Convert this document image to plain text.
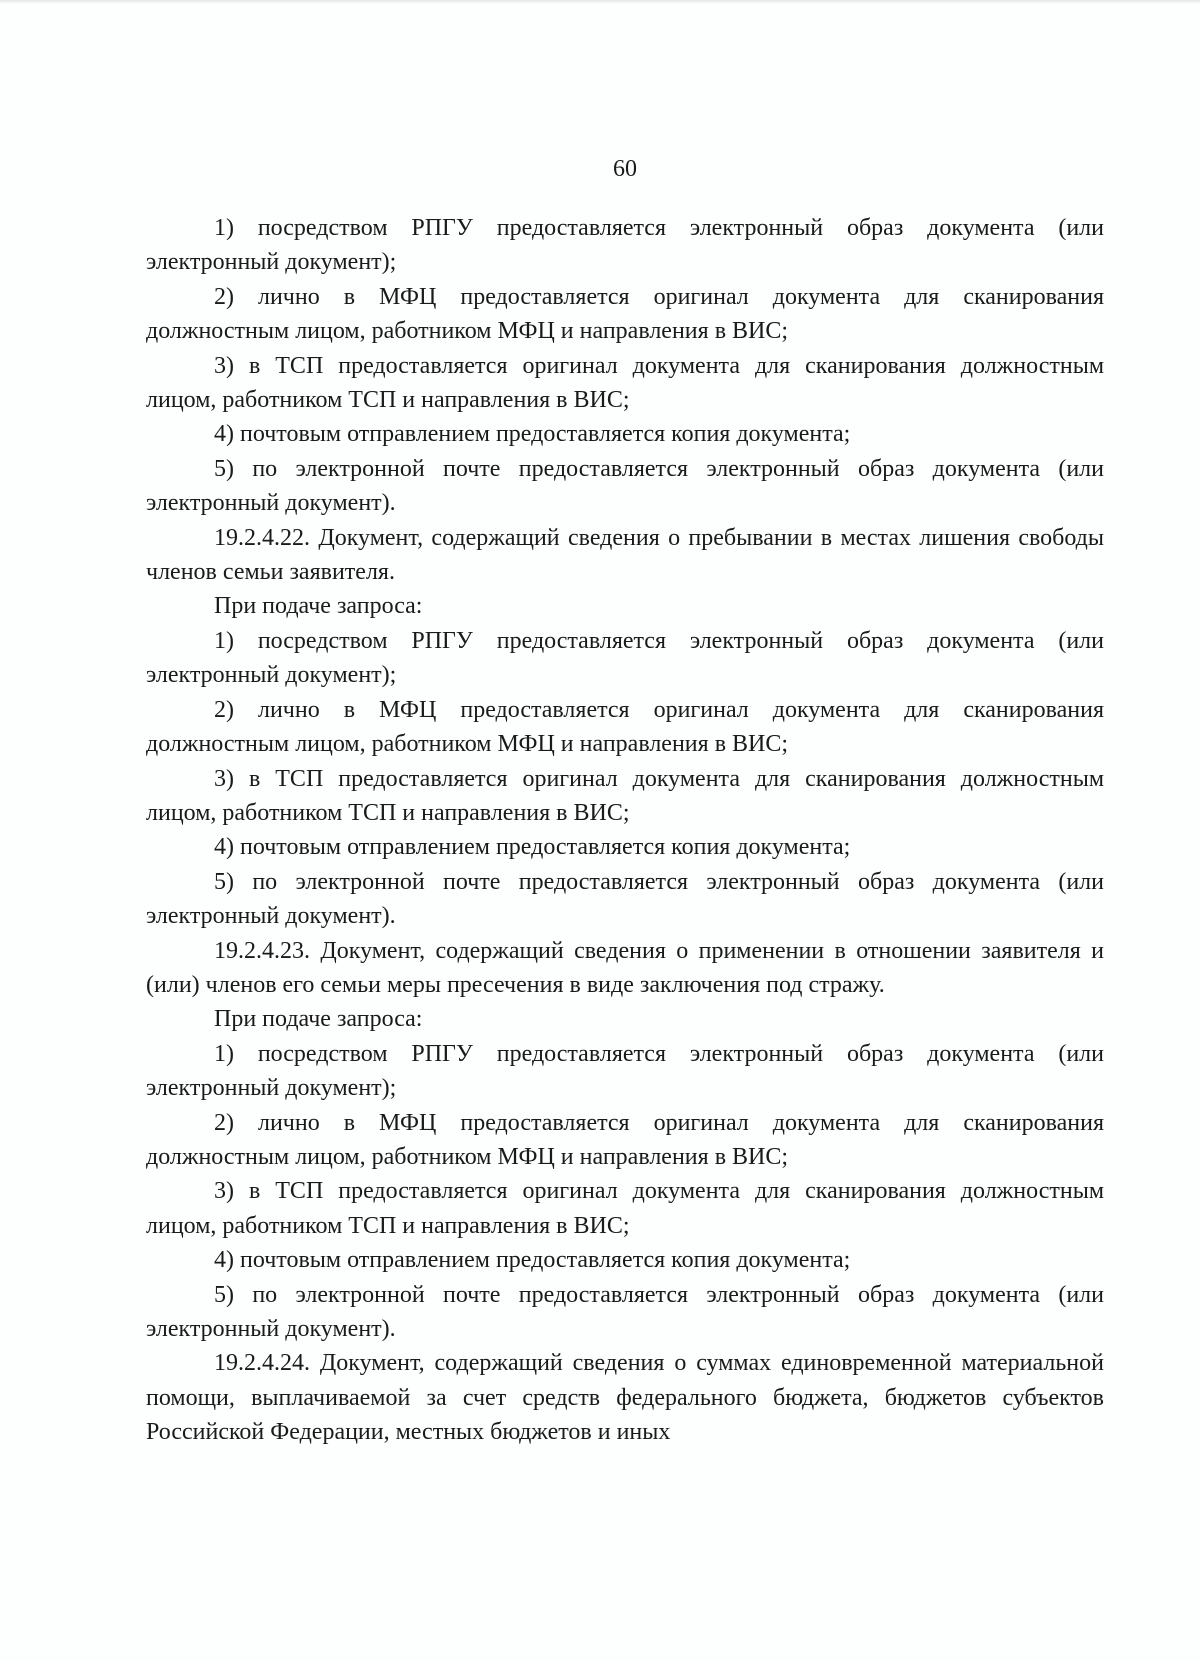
60

1) посредством РПГУ предоставляется электронный образ документа (или электронный документ);

2) лично в МФЦ предоставляется оригинал документа для сканирования должностным лицом, работником МФЦ и направления в ВИС;

3) в ТСП предоставляется оригинал документа для сканирования должностным лицом, работником ТСП и направления в ВИС;

4) почтовым отправлением предоставляется копия документа;

5) по электронной почте предоставляется электронный образ документа (или электронный документ).

19.2.4.22. Документ, содержащий сведения о пребывании в местах лишения свободы членов семьи заявителя.

При подаче запроса:

1) посредством РПГУ предоставляется электронный образ документа (или электронный документ);

2) лично в МФЦ предоставляется оригинал документа для сканирования должностным лицом, работником МФЦ и направления в ВИС;

3) в ТСП предоставляется оригинал документа для сканирования должностным лицом, работником ТСП и направления в ВИС;

4) почтовым отправлением предоставляется копия документа;

5) по электронной почте предоставляется электронный образ документа (или электронный документ).

19.2.4.23. Документ, содержащий сведения о применении в отношении заявителя и (или) членов его семьи меры пресечения в виде заключения под стражу.

При подаче запроса:

1) посредством РПГУ предоставляется электронный образ документа (или электронный документ);

2) лично в МФЦ предоставляется оригинал документа для сканирования должностным лицом, работником МФЦ и направления в ВИС;

3) в ТСП предоставляется оригинал документа для сканирования должностным лицом, работником ТСП и направления в ВИС;

4) почтовым отправлением предоставляется копия документа;

5) по электронной почте предоставляется электронный образ документа (или электронный документ).

19.2.4.24. Документ, содержащий сведения о суммах единовременной материальной помощи, выплачиваемой за счет средств федерального бюджета, бюджетов субъектов Российской Федерации, местных бюджетов и иных
